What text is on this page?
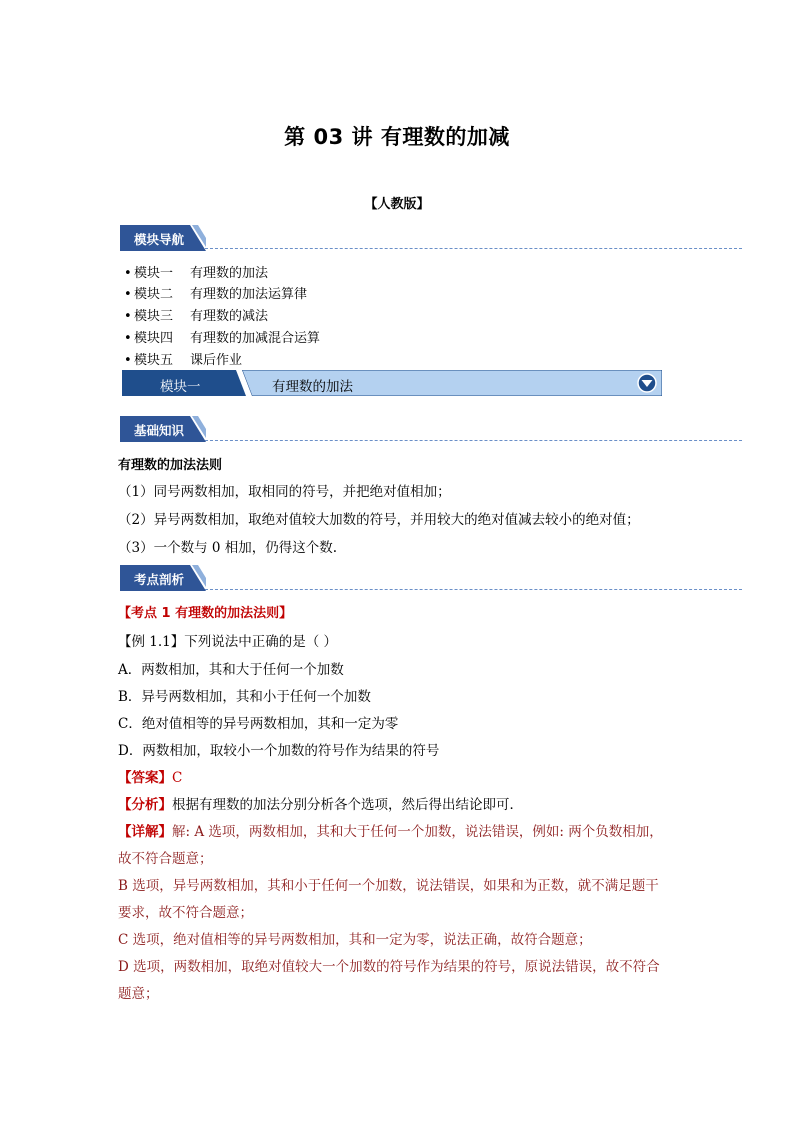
第 03 讲 有理数的加减
【人教版】
模块导航
• 模块一 有理数的加法
• 模块二 有理数的加法运算律
• 模块三 有理数的减法
• 模块四 有理数的加减混合运算
• 模块五 课后作业
模块一	有理数的加法
基础知识
有理数的加法法则
（1）同号两数相加，取相同的符号，并把绝对值相加；
（2）异号两数相加，取绝对值较大加数的符号，并用较大的绝对值减去较小的绝对值；
（3）一个数与 0 相加，仍得这个数.
考点剖析
【考点 1 有理数的加法法则】
【例 1.1】下列说法中正确的是（ ）
A．两数相加，其和大于任何一个加数
B．异号两数相加，其和小于任何一个加数
C．绝对值相等的异号两数相加，其和一定为零
D．两数相加，取较小一个加数的符号作为结果的符号
【答案】C
【分析】根据有理数的加法分别分析各个选项，然后得出结论即可．
【详解】解: A 选项，两数相加，其和大于任何一个加数，说法错误，例如: 两个负数相加，
故不符合题意；
B 选项，异号两数相加，其和小于任何一个加数，说法错误，如果和为正数，就不满足题干
要求，故不符合题意；
C 选项，绝对值相等的异号两数相加，其和一定为零，说法正确，故符合题意；
D 选项，两数相加，取绝对值较大一个加数的符号作为结果的符号，原说法错误，故不符合
题意；
